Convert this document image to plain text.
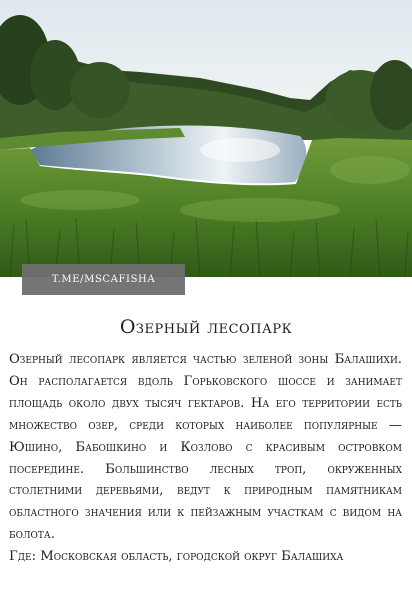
T.ME/MSCAFISHA
Озерный лесопарк

Озерный лесопарк является частью зеленой зоны Балашихи. Он располагается вдоль Горьковского шоссе и занимает площадь около двух тысяч гектаров. На его территории есть множество озер, среди которых наиболее популярные — Юшино, Бабошкино и Козлово с красивым островком посередине. Большинство лесных троп, окруженных столетними деревьями, ведут к природным памятникам областного значения или к пейзажным участкам с видом на болота.

Где: Московская область, городской округ Балашиха
